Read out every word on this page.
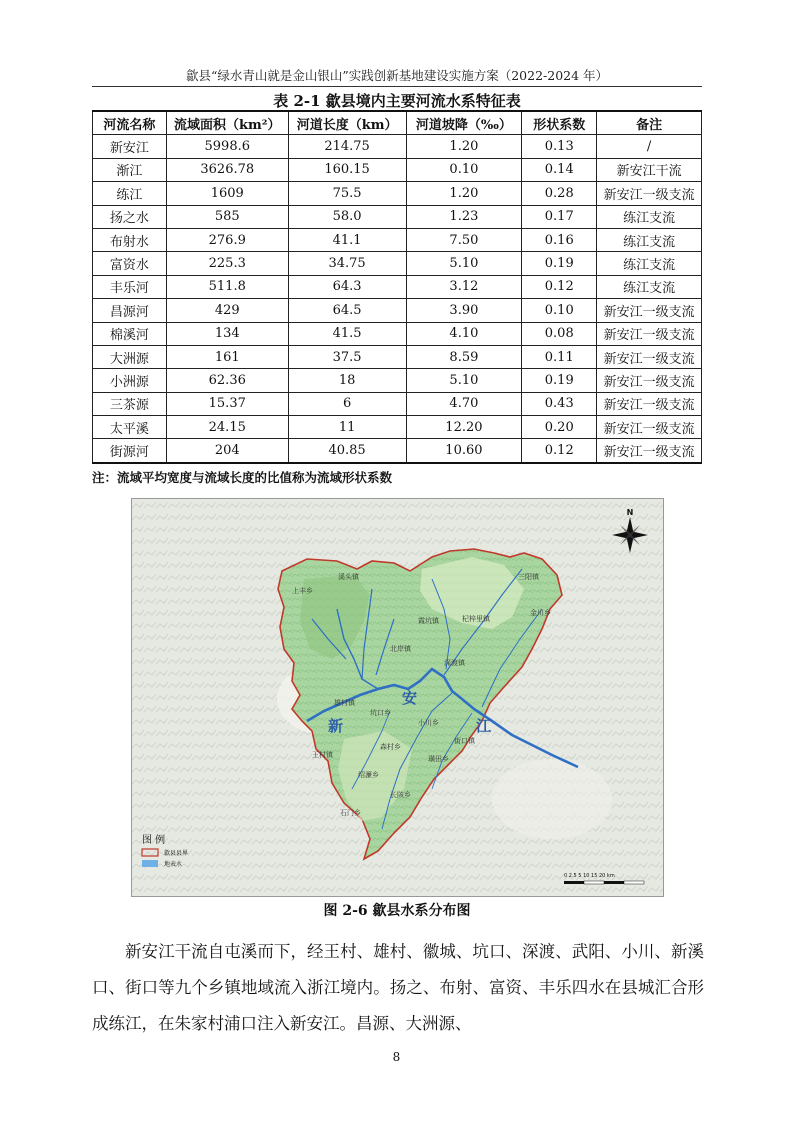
歙县“绿水青山就是金山银山”实践创新基地建设实施方案（2022-2024 年）
表 2-1 歙县境内主要河流水系特征表
河流名称	流域面积（km²）	河道长度（km）	河道坡降（‰）	形状系数	备注
新安江	5998.6	214.75	1.20	0.13	/
渐江	3626.78	160.15	0.10	0.14	新安江干流
练江	1609	75.5	1.20	0.28	新安江一级支流
扬之水	585	58.0	1.23	0.17	练江支流
布射水	276.9	41.1	7.50	0.16	练江支流
富资水	225.3	34.75	5.10	0.19	练江支流
丰乐河	511.8	64.3	3.12	0.12	练江支流
昌源河	429	64.5	3.90	0.10	新安江一级支流
棉溪河	134	41.5	4.10	0.08	新安江一级支流
大洲源	161	37.5	8.59	0.11	新安江一级支流
小洲源	62.36	18	5.10	0.19	新安江一级支流
三茶源	15.37	6	4.70	0.43	新安江一级支流
太平溪	24.15	11	12.20	0.20	新安江一级支流
街源河	204	40.85	10.60	0.12	新安江一级支流
注：流域平均宽度与流域长度的比值称为流域形状系数
新
安
江
上丰乡
溪头镇	三阳镇
金川乡
杞梓里镇
霞坑镇
北岸镇
深渡镇
雄村镇
坑口乡
小川乡
街口镇
森村乡
绍濂乡
王村镇
长陔乡
石门乡
璜田乡
N
图 例
歙县县界
地表水
0 2.5 5 10 15 20 km
图 2-6 歙县水系分布图

新安江干流自屯溪而下，经王村、雄村、徽城、坑口、深渡、武阳、小川、新溪口、街口等九个乡镇地域流入浙江境内。扬之、布射、富资、丰乐四水在县城汇合形成练江，在朱家村浦口注入新安江。昌源、大洲源、

8
